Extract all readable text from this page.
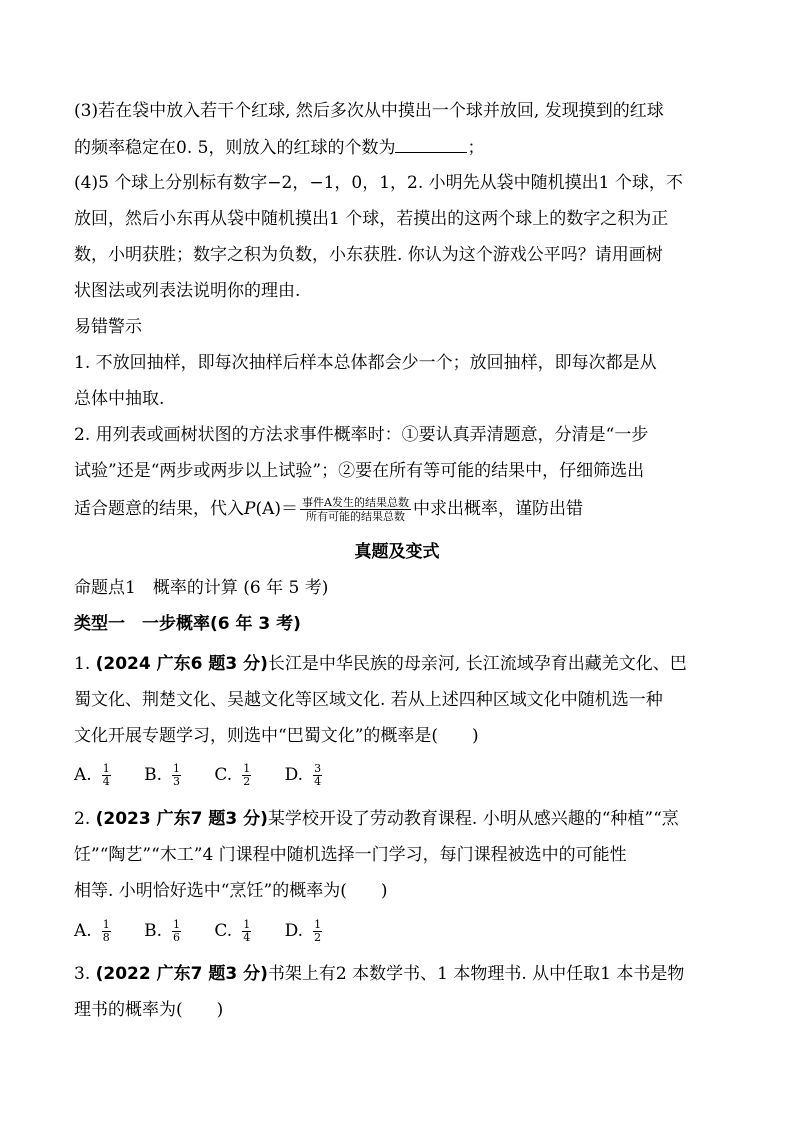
(3)若在袋中放入若干个红球, 然后多次从中摸出一个球并放回, 发现摸到的红球
的频率稳定在0. 5，则放入的红球的个数为	；
(4)5 个球上分别标有数字−2，−1，0，1，2. 小明先从袋中随机摸出1 个球，不
放回，然后小东再从袋中随机摸出1 个球，若摸出的这两个球上的数字之积为正
数，小明获胜；数字之积为负数，小东获胜. 你认为这个游戏公平吗？请用画树
状图法或列表法说明你的理由.
易错警示
1. 不放回抽样，即每次抽样后样本总体都会少一个；放回抽样，即每次都是从
总体中抽取.
2. 用列表或画树状图的方法求事件概率时：①要认真弄清题意，分清是“一步
试验”还是“两步或两步以上试验”；②要在所有等可能的结果中，仔细筛选出
适合题意的结果，代入$P(A)= \frac{\text{事件A发生的结果总数}}{\text{所有可能的结果总数}}$ 中求出概率，谨防出错
真题及变式
命题点1　概率的计算 (6 年 5 考)
类型一　一步概率(6 年 3 考)
1. (2024 广东6 题3 分)长江是中华民族的母亲河, 长江流域孕育出藏羌文化、巴
蜀文化、荆楚文化、吴越文化等区域文化. 若从上述四种区域文化中随机选一种
文化开展专题学习，则选中“巴蜀文化”的概率是(　　)
A. $\frac{1}{4} B$. $\frac{1}{3} C$. $\frac{1}{2} D$. $\frac{3}{4}$
2. (2023 广东7 题3 分)某学校开设了劳动教育课程. 小明从感兴趣的“种植”“烹
饪”“陶艺”“木工”4 门课程中随机选择一门学习，每门课程被选中的可能性
相等. 小明恰好选中“烹饪”的概率为(　　)
A. $\frac{1}{8} B$. $\frac{1}{6} C$. $\frac{1}{4} D$. $\frac{1}{2}$
3. (2022 广东7 题3 分)书架上有2 本数学书、1 本物理书. 从中任取1 本书是物
理书的概率为(　　)
